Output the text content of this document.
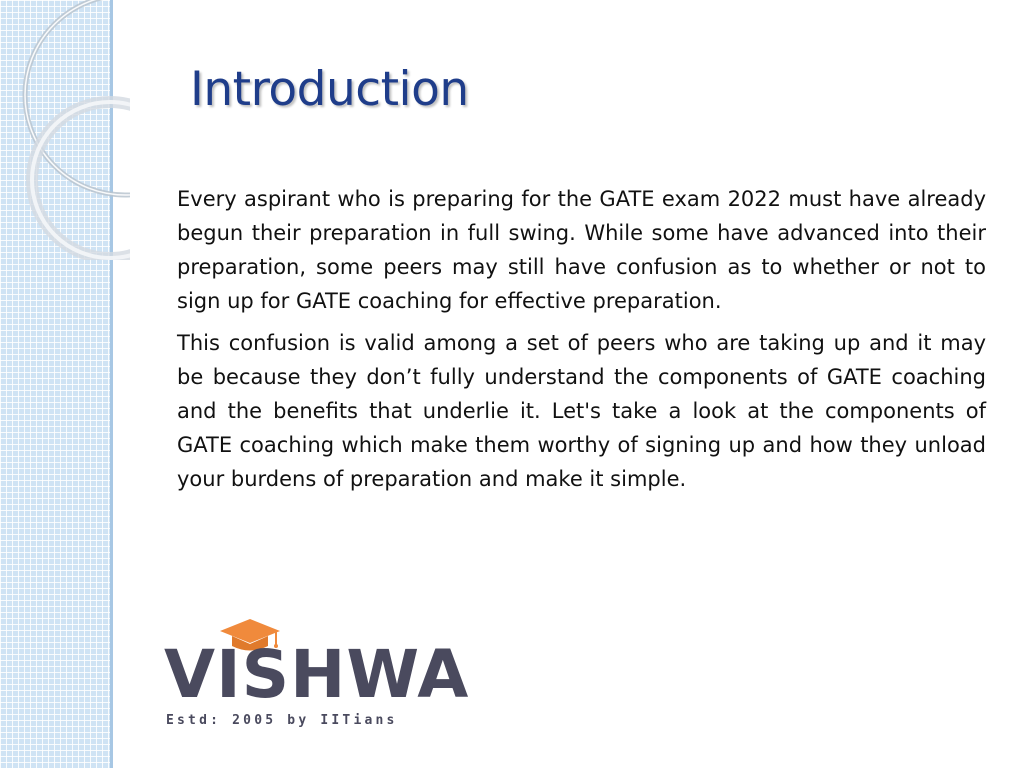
Introduction

Every aspirant who is preparing for the GATE exam 2022 must have already begun their preparation in full swing. While some have advanced into their preparation, some peers may still have confusion as to whether or not to sign up for GATE coaching for effective preparation.

This confusion is valid among a set of peers who are taking up and it may be because they don’t fully understand the components of GATE coaching and the benefits that underlie it. Let's take a look at the components of GATE coaching which make them worthy of signing up and how they unload your burdens of preparation and make it simple.

VISHWA
Estd: 2005 by IITians
